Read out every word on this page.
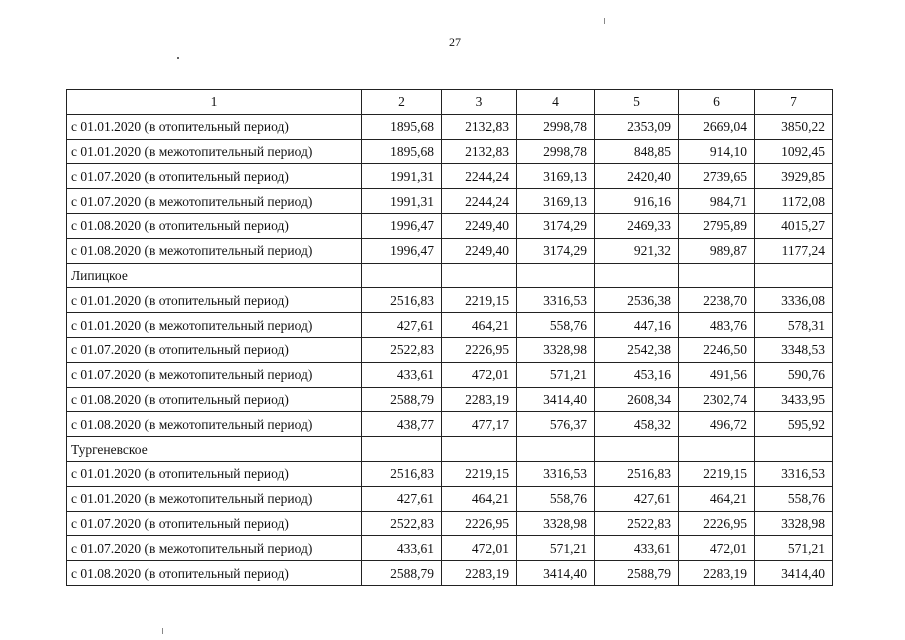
27
1	2	3	4	5	6	7
с 01.01.2020 (в отопительный период)	1895,68	2132,83	2998,78	2353,09	2669,04	3850,22
с 01.01.2020 (в межотопительный период)	1895,68	2132,83	2998,78	848,85	914,10	1092,45
с 01.07.2020 (в отопительный период)	1991,31	2244,24	3169,13	2420,40	2739,65	3929,85
с 01.07.2020 (в межотопительный период)	1991,31	2244,24	3169,13	916,16	984,71	1172,08
с 01.08.2020 (в отопительный период)	1996,47	2249,40	3174,29	2469,33	2795,89	4015,27
с 01.08.2020 (в межотопительный период)	1996,47	2249,40	3174,29	921,32	989,87	1177,24
Липицкое						
с 01.01.2020 (в отопительный период)	2516,83	2219,15	3316,53	2536,38	2238,70	3336,08
с 01.01.2020 (в межотопительный период)	427,61	464,21	558,76	447,16	483,76	578,31
с 01.07.2020 (в отопительный период)	2522,83	2226,95	3328,98	2542,38	2246,50	3348,53
с 01.07.2020 (в межотопительный период)	433,61	472,01	571,21	453,16	491,56	590,76
с 01.08.2020 (в отопительный период)	2588,79	2283,19	3414,40	2608,34	2302,74	3433,95
с 01.08.2020 (в межотопительный период)	438,77	477,17	576,37	458,32	496,72	595,92
Тургеневское						
с 01.01.2020 (в отопительный период)	2516,83	2219,15	3316,53	2516,83	2219,15	3316,53
с 01.01.2020 (в межотопительный период)	427,61	464,21	558,76	427,61	464,21	558,76
с 01.07.2020 (в отопительный период)	2522,83	2226,95	3328,98	2522,83	2226,95	3328,98
с 01.07.2020 (в межотопительный период)	433,61	472,01	571,21	433,61	472,01	571,21
с 01.08.2020 (в отопительный период)	2588,79	2283,19	3414,40	2588,79	2283,19	3414,40
